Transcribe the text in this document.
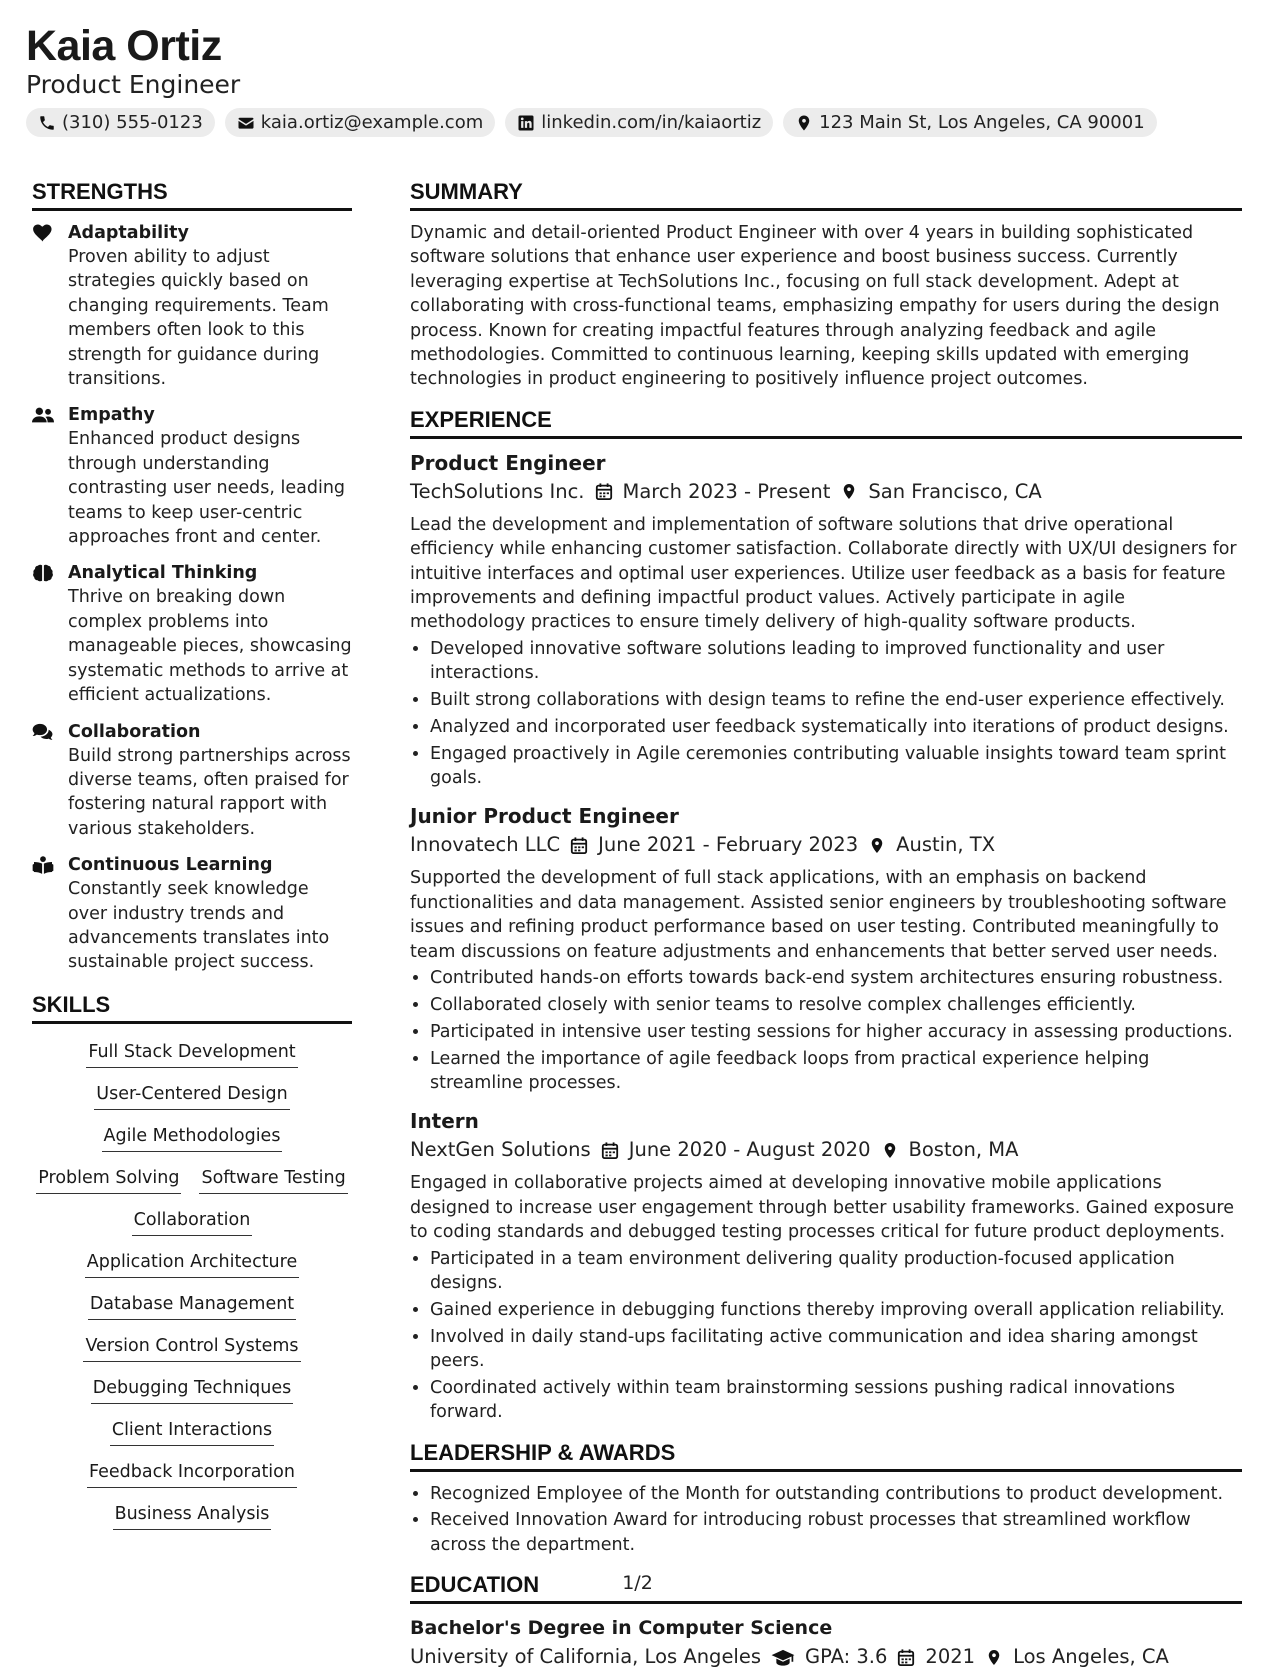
Kaia Ortiz
Product Engineer
(310) 555-0123	kaia.ortiz@example.com	linkedin.com/in/kaiaortiz	123 Main St, Los Angeles, CA 90001
STRENGTHS
Adaptability
Proven ability to adjust strategies quickly based on changing requirements. Team members often look to this strength for guidance during transitions.
Empathy
Enhanced product designs through understanding contrasting user needs, leading teams to keep user-centric approaches front and center.
Analytical Thinking
Thrive on breaking down complex problems into manageable pieces, showcasing systematic methods to arrive at efficient actualizations.
Collaboration
Build strong partnerships across diverse teams, often praised for fostering natural rapport with various stakeholders.
Continuous Learning
Constantly seek knowledge over industry trends and advancements translates into sustainable project success.
SKILLS
Full Stack Development
User-Centered Design
Agile Methodologies
Problem Solving Software Testing
Collaboration
Application Architecture
Database Management
Version Control Systems
Debugging Techniques
Client Interactions
Feedback Incorporation
Business Analysis
SUMMARY
Dynamic and detail-oriented Product Engineer with over 4 years in building sophisticated software solutions that enhance user experience and boost business success. Currently leveraging expertise at TechSolutions Inc., focusing on full stack development. Adept at collaborating with cross-functional teams, emphasizing empathy for users during the design process. Known for creating impactful features through analyzing feedback and agile methodologies. Committed to continuous learning, keeping skills updated with emerging technologies in product engineering to positively influence project outcomes.
EXPERIENCE
Product Engineer
TechSolutions Inc. March 2023 - Present San Francisco, CA
Lead the development and implementation of software solutions that drive operational efficiency while enhancing customer satisfaction. Collaborate directly with UX/UI designers for intuitive interfaces and optimal user experiences. Utilize user feedback as a basis for feature improvements and defining impactful product values. Actively participate in agile methodology practices to ensure timely delivery of high-quality software products.
• Developed innovative software solutions leading to improved functionality and user interactions.
• Built strong collaborations with design teams to refine the end-user experience effectively.
• Analyzed and incorporated user feedback systematically into iterations of product designs.
• Engaged proactively in Agile ceremonies contributing valuable insights toward team sprint goals.
Junior Product Engineer
Innovatech LLC June 2021 - February 2023 Austin, TX
Supported the development of full stack applications, with an emphasis on backend functionalities and data management. Assisted senior engineers by troubleshooting software issues and refining product performance based on user testing. Contributed meaningfully to team discussions on feature adjustments and enhancements that better served user needs.
• Contributed hands-on efforts towards back-end system architectures ensuring robustness.
• Collaborated closely with senior teams to resolve complex challenges efficiently.
• Participated in intensive user testing sessions for higher accuracy in assessing productions.
• Learned the importance of agile feedback loops from practical experience helping streamline processes.
Intern
NextGen Solutions June 2020 - August 2020 Boston, MA
Engaged in collaborative projects aimed at developing innovative mobile applications designed to increase user engagement through better usability frameworks. Gained exposure to coding standards and debugged testing processes critical for future product deployments.
• Participated in a team environment delivering quality production-focused application designs.
• Gained experience in debugging functions thereby improving overall application reliability.
• Involved in daily stand-ups facilitating active communication and idea sharing amongst peers.
• Coordinated actively within team brainstorming sessions pushing radical innovations forward.
LEADERSHIP & AWARDS
• Recognized Employee of the Month for outstanding contributions to product development.
• Received Innovation Award for introducing robust processes that streamlined workflow across the department.
EDUCATION
Bachelor's Degree in Computer Science
University of California, Los Angeles GPA: 3.6 2021 Los Angeles, CA
1/2
